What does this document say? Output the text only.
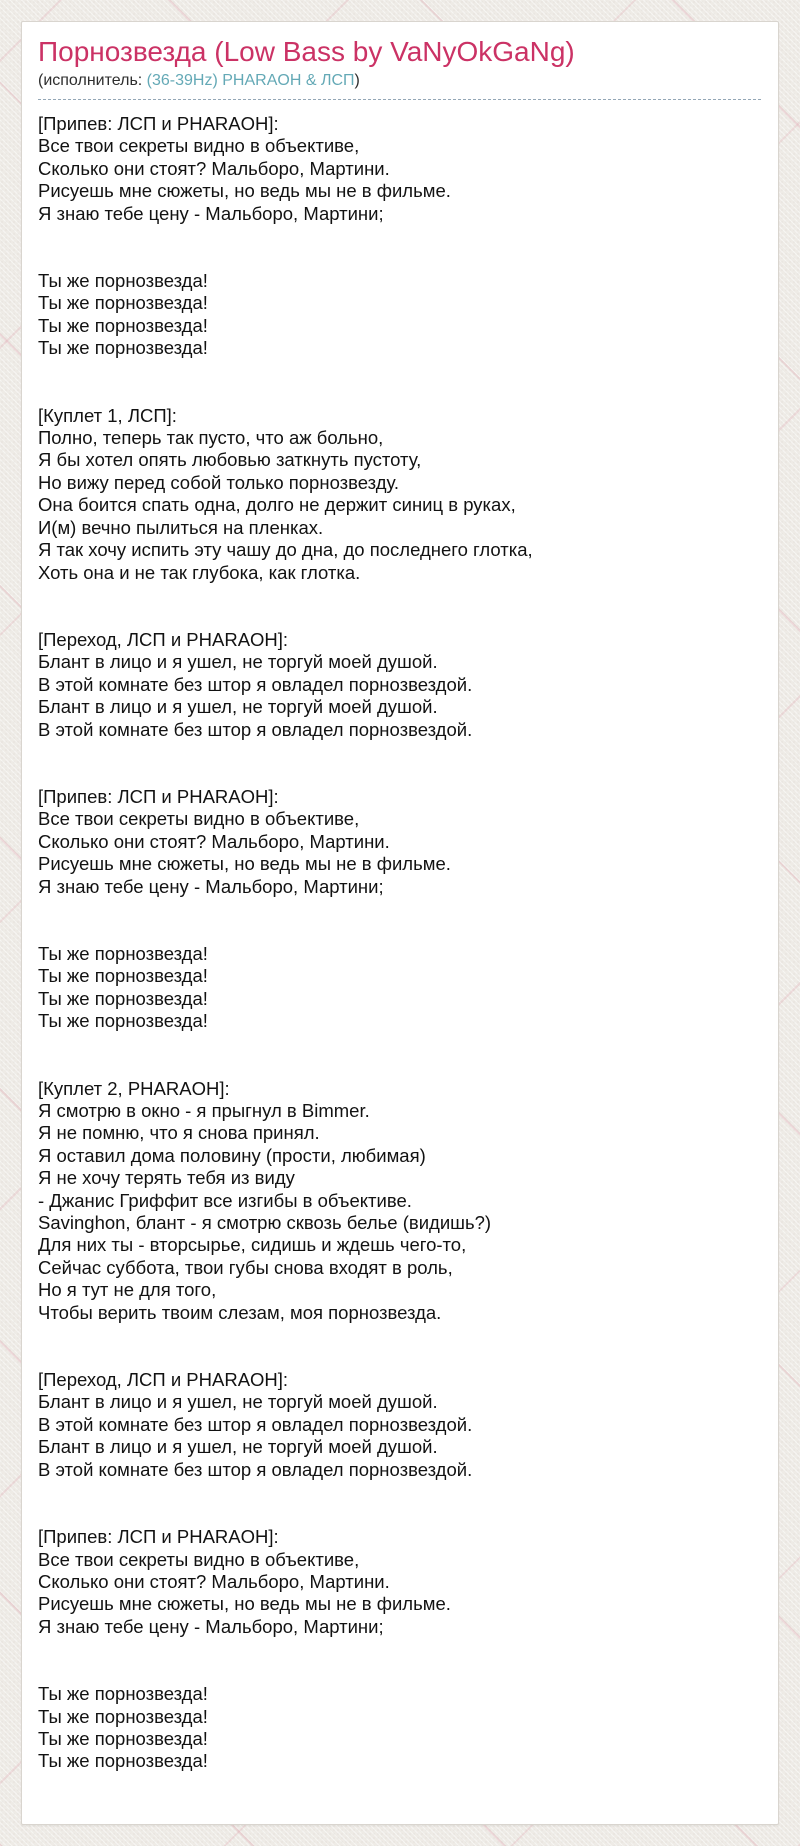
Порнозвезда (Low Bass by VaNyOkGaNg)
(исполнитель: (36-39Hz) PHARAOH & ЛСП)

[Припев: ЛСП и PHARAOH]:
Все твои секреты видно в объективе,
Сколько они стоят? Мальборо, Мартини.
Рисуешь мне сюжеты, но ведь мы не в фильме.
Я знаю тебе цену - Мальборо, Мартини;

Ты же порнозвезда!
Ты же порнозвезда!
Ты же порнозвезда!
Ты же порнозвезда!

[Куплет 1, ЛСП]:
Полно, теперь так пусто, что аж больно,
Я бы хотел опять любовью заткнуть пустоту,
Но вижу перед собой только порнозвезду.
Она боится спать одна, долго не держит синиц в руках,
И(м) вечно пылиться на пленках.
Я так хочу испить эту чашу до дна, до последнего глотка,
Хоть она и не так глубока, как глотка.

[Переход, ЛСП и PHARAOH]:
Блант в лицо и я ушел, не торгуй моей душой.
В этой комнате без штор я овладел порнозвездой.
Блант в лицо и я ушел, не торгуй моей душой.
В этой комнате без штор я овладел порнозвездой.

[Припев: ЛСП и PHARAOH]:
Все твои секреты видно в объективе,
Сколько они стоят? Мальборо, Мартини.
Рисуешь мне сюжеты, но ведь мы не в фильме.
Я знаю тебе цену - Мальборо, Мартини;

Ты же порнозвезда!
Ты же порнозвезда!
Ты же порнозвезда!
Ты же порнозвезда!

[Куплет 2, PHARAOH]:
Я смотрю в окно - я прыгнул в Bimmer.
Я не помню, что я снова принял.
Я оставил дома половину (прости, любимая)
Я не хочу терять тебя из виду
- Джанис Гриффит все изгибы в объективе.
Savinghon, блант - я смотрю сквозь белье (видишь?)
Для них ты - вторсырье, сидишь и ждешь чего-то,
Сейчас суббота, твои губы снова входят в роль,
Но я тут не для того,
Чтобы верить твоим слезам, моя порнозвезда.

[Переход, ЛСП и PHARAOH]:
Блант в лицо и я ушел, не торгуй моей душой.
В этой комнате без штор я овладел порнозвездой.
Блант в лицо и я ушел, не торгуй моей душой.
В этой комнате без штор я овладел порнозвездой.

[Припев: ЛСП и PHARAOH]:
Все твои секреты видно в объективе,
Сколько они стоят? Мальборо, Мартини.
Рисуешь мне сюжеты, но ведь мы не в фильме.
Я знаю тебе цену - Мальборо, Мартини;

Ты же порнозвезда!
Ты же порнозвезда!
Ты же порнозвезда!
Ты же порнозвезда!
